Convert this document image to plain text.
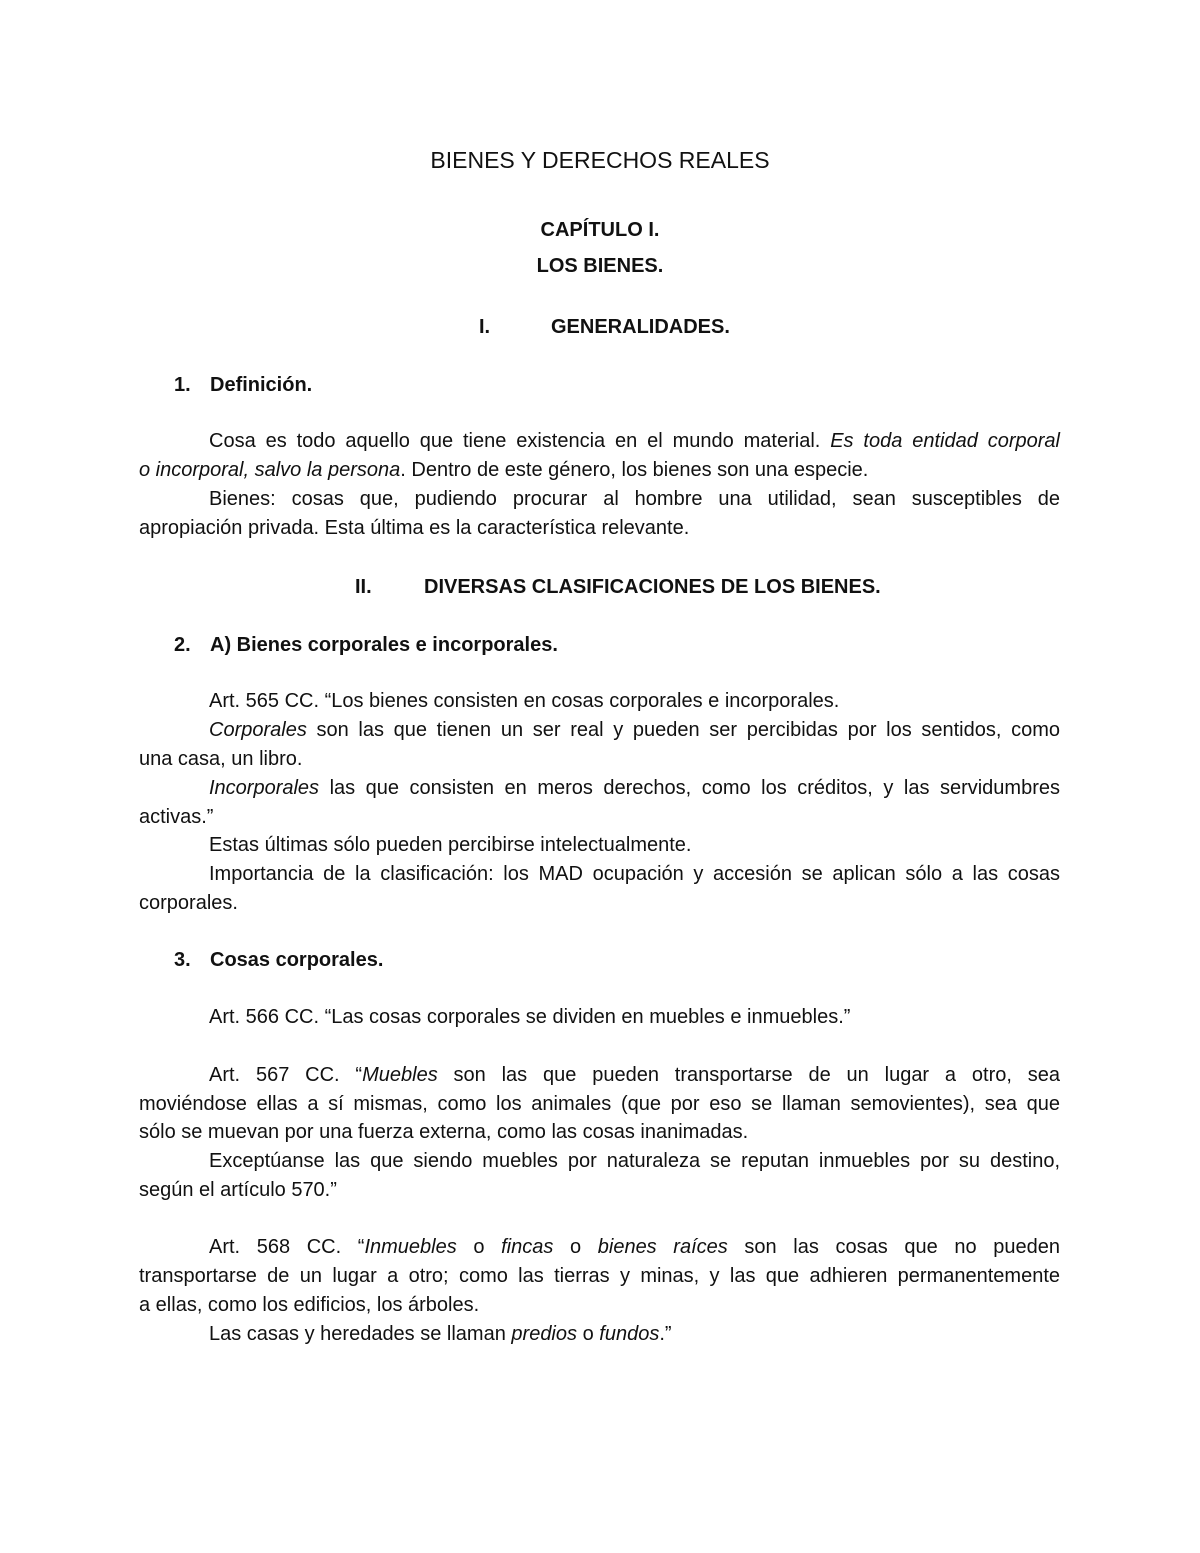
BIENES Y DERECHOS REALES
CAPÍTULO I.
LOS BIENES.
I.	GENERALIDADES.
1. Definición.
Cosa es todo aquello que tiene existencia en el mundo material. Es toda entidad corporal
o incorporal, salvo la persona. Dentro de este género, los bienes son una especie.
Bienes: cosas que, pudiendo procurar al hombre una utilidad, sean susceptibles de
apropiación privada. Esta última es la característica relevante.
II.	DIVERSAS CLASIFICACIONES DE LOS BIENES.
2. A) Bienes corporales e incorporales.
Art. 565 CC. “Los bienes consisten en cosas corporales e incorporales.
Corporales son las que tienen un ser real y pueden ser percibidas por los sentidos, como
una casa, un libro.
Incorporales las que consisten en meros derechos, como los créditos, y las servidumbres
activas.”
Estas últimas sólo pueden percibirse intelectualmente.
Importancia de la clasificación: los MAD ocupación y accesión se aplican sólo a las cosas
corporales.
3. Cosas corporales.
Art. 566 CC. “Las cosas corporales se dividen en muebles e inmuebles.”
Art. 567 CC. “Muebles son las que pueden transportarse de un lugar a otro, sea
moviéndose ellas a sí mismas, como los animales (que por eso se llaman semovientes), sea que
sólo se muevan por una fuerza externa, como las cosas inanimadas.
Exceptúanse las que siendo muebles por naturaleza se reputan inmuebles por su destino,
según el artículo 570.”
Art. 568 CC. “Inmuebles o fincas o bienes raíces son las cosas que no pueden
transportarse de un lugar a otro; como las tierras y minas, y las que adhieren permanentemente
a ellas, como los edificios, los árboles.
Las casas y heredades se llaman predios o fundos.”
